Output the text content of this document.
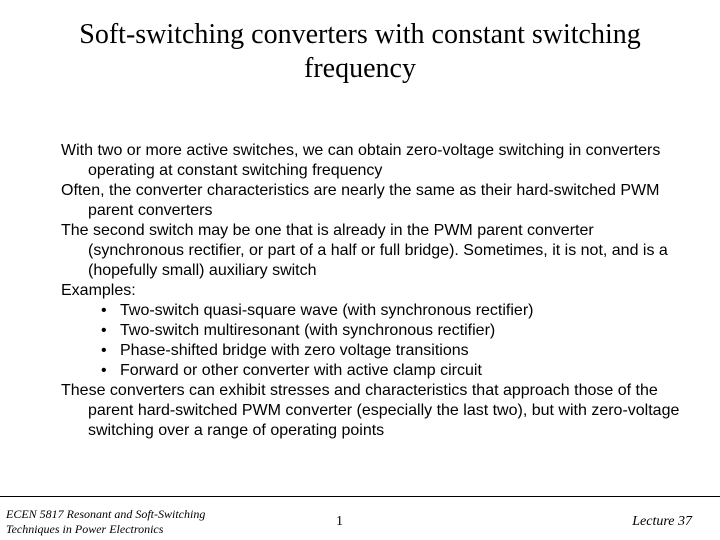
Soft-switching converters with constant switching
frequency
With two or more active switches, we can obtain zero-voltage switching in converters operating at constant switching frequency
Often, the converter characteristics are nearly the same as their hard-switched PWM parent converters
The second switch may be one that is already in the PWM parent converter (synchronous rectifier, or part of a half or full bridge). Sometimes, it is not, and is a (hopefully small) auxiliary switch
Examples:
• Two-switch quasi-square wave (with synchronous rectifier)
• Two-switch multiresonant (with synchronous rectifier)
• Phase-shifted bridge with zero voltage transitions
• Forward or other converter with active clamp circuit
These converters can exhibit stresses and characteristics that approach those of the parent hard-switched PWM converter (especially the last two), but with zero-voltage switching over a range of operating points
ECEN 5817 Resonant and Soft-Switching
Techniques in Power Electronics	1	Lecture 37
